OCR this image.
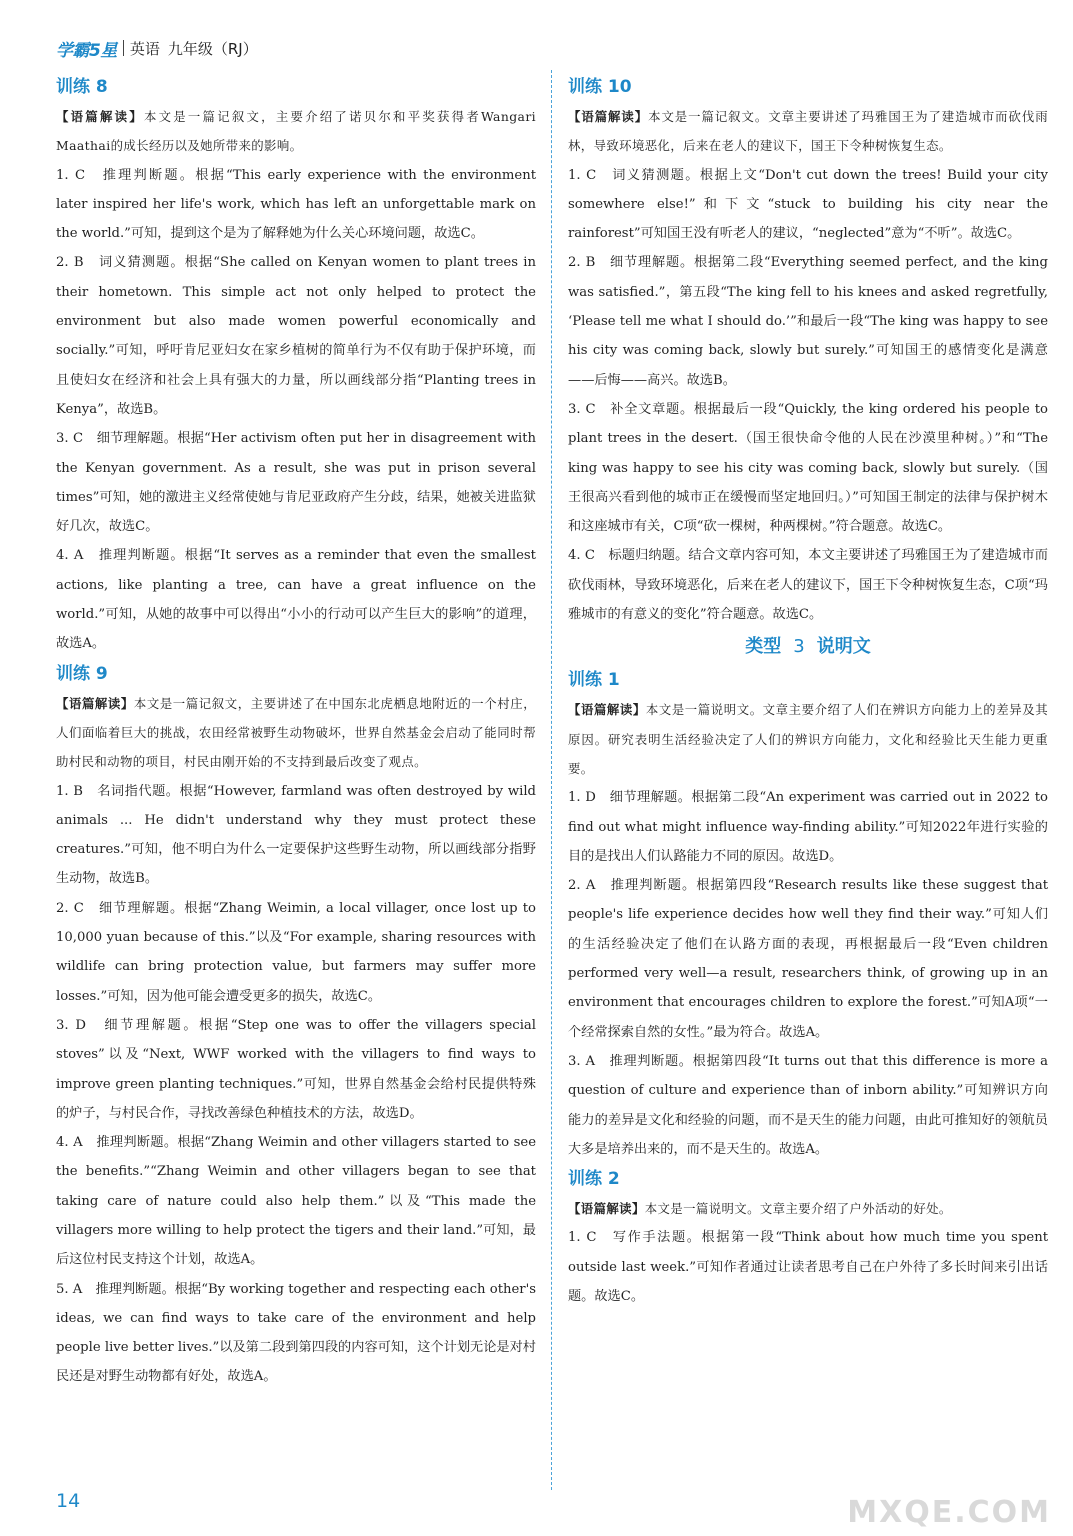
学霸5星 英语 九年级（RJ）
训练 8

【语篇解读】本文是一篇记叙文，主要介绍了诺贝尔和平奖获得者Wangari Maathai的成长经历以及她所带来的影响。

1. C　推理判断题。根据“This early experience with the environment later inspired her life's work, which has left an unforgettable mark on the world.”可知，提到这个是为了解释她为什么关心环境问题，故选C。

2. B　词义猜测题。根据“She called on Kenyan women to plant trees in their hometown. This simple act not only helped to protect the environment but also made women powerful economically and socially.”可知，呼吁肯尼亚妇女在家乡植树的简单行为不仅有助于保护环境，而且使妇女在经济和社会上具有强大的力量，所以画线部分指“Planting trees in Kenya”，故选B。

3. C　细节理解题。根据“Her activism often put her in disagreement with the Kenyan government. As a result, she was put in prison several times”可知，她的激进主义经常使她与肯尼亚政府产生分歧，结果，她被关进监狱好几次，故选C。

4. A　推理判断题。根据“It serves as a reminder that even the smallest actions, like planting a tree, can have a great influence on the world.”可知，从她的故事中可以得出“小小的行动可以产生巨大的影响”的道理，故选A。

训练 9

【语篇解读】本文是一篇记叙文，主要讲述了在中国东北虎栖息地附近的一个村庄，人们面临着巨大的挑战，农田经常被野生动物破坏，世界自然基金会启动了能同时帮助村民和动物的项目，村民由刚开始的不支持到最后改变了观点。

1. B　名词指代题。根据“However, farmland was often destroyed by wild animals ... He didn't understand why they must protect these creatures.”可知，他不明白为什么一定要保护这些野生动物，所以画线部分指野生动物，故选B。

2. C　细节理解题。根据“Zhang Weimin, a local villager, once lost up to 10,000 yuan because of this.”以及“For example, sharing resources with wildlife can bring protection value, but farmers may suffer more losses.”可知，因为他可能会遭受更多的损失，故选C。

3. D　细节理解题。根据“Step one was to offer the villagers special stoves”以及“Next, WWF worked with the villagers to find ways to improve green planting techniques.”可知，世界自然基金会给村民提供特殊的炉子，与村民合作，寻找改善绿色种植技术的方法，故选D。

4. A　推理判断题。根据“Zhang Weimin and other villagers started to see the benefits.”“Zhang Weimin and other villagers began to see that taking care of nature could also help them.”以及“This made the villagers more willing to help protect the tigers and their land.”可知，最后这位村民支持这个计划，故选A。

5. A　推理判断题。根据“By working together and respecting each other's ideas, we can find ways to take care of the environment and help people live better lives.”以及第二段到第四段的内容可知，这个计划无论是对村民还是对野生动物都有好处，故选A。

训练 10

【语篇解读】本文是一篇记叙文。文章主要讲述了玛雅国王为了建造城市而砍伐雨林，导致环境恶化，后来在老人的建议下，国王下令种树恢复生态。

1. C　词义猜测题。根据上文“Don't cut down the trees! Build your city somewhere else!”和下文“stuck to building his city near the rainforest”可知国王没有听老人的建议，“neglected”意为“不听”。故选C。

2. B　细节理解题。根据第二段“Everything seemed perfect, and the king was satisfied.”，第五段“The king fell to his knees and asked regretfully, ‘Please tell me what I should do.’”和最后一段“The king was happy to see his city was coming back, slowly but surely.”可知国王的感情变化是满意——后悔——高兴。故选B。

3. C　补全文章题。根据最后一段“Quickly, the king ordered his people to plant trees in the desert.（国王很快命令他的人民在沙漠里种树。）”和“The king was happy to see his city was coming back, slowly but surely.（国王很高兴看到他的城市正在缓慢而坚定地回归。）”可知国王制定的法律与保护树木和这座城市有关，C项“砍一棵树，种两棵树。”符合题意。故选C。

4. C　标题归纳题。结合文章内容可知，本文主要讲述了玛雅国王为了建造城市而砍伐雨林，导致环境恶化，后来在老人的建议下，国王下令种树恢复生态，C项“玛雅城市的有意义的变化”符合题意。故选C。

类型 3 说明文
训练 1

【语篇解读】本文是一篇说明文。文章主要介绍了人们在辨识方向能力上的差异及其原因。研究表明生活经验决定了人们的辨识方向能力，文化和经验比天生能力更重要。

1. D　细节理解题。根据第二段“An experiment was carried out in 2022 to find out what might influence way-finding ability.”可知2022年进行实验的目的是找出人们认路能力不同的原因。故选D。

2. A　推理判断题。根据第四段“Research results like these suggest that people's life experience decides how well they find their way.”可知人们的生活经验决定了他们在认路方面的表现，再根据最后一段“Even children performed very well—a result, researchers think, of growing up in an environment that encourages children to explore the forest.”可知A项“一个经常探索自然的女性。”最为符合。故选A。

3. A　推理判断题。根据第四段“It turns out that this difference is more a question of culture and experience than of inborn ability.”可知辨识方向能力的差异是文化和经验的问题，而不是天生的能力问题，由此可推知好的领航员大多是培养出来的，而不是天生的。故选A。

训练 2

【语篇解读】本文是一篇说明文。文章主要介绍了户外活动的好处。

1. C　写作手法题。根据第一段“Think about how much time you spent outside last week.”可知作者通过让读者思考自己在户外待了多长时间来引出话题。故选C。

14	MXQE.COM
